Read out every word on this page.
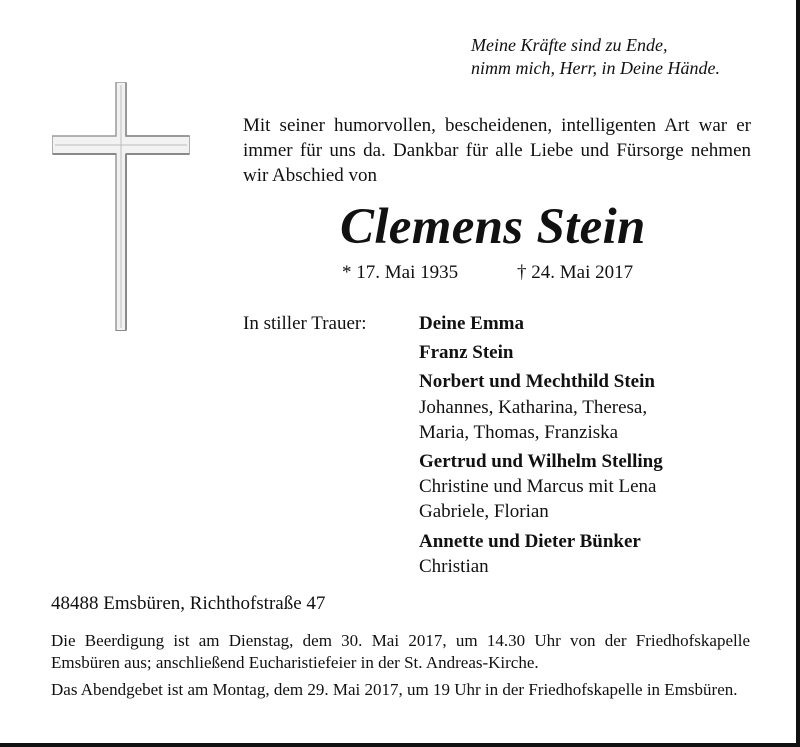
Meine Kräfte sind zu Ende,
nimm mich, Herr, in Deine Hände.
Mit seiner humorvollen, bescheidenen, intelligenten Art war er immer für uns da. Dankbar für alle Liebe und Fürsorge nehmen wir Abschied von
Clemens Stein
* 17. Mai 1935	† 24. Mai 2017
In stiller Trauer:	Deine Emma
Franz Stein
Norbert und Mechthild Stein
Johannes, Katharina, Theresa,
Maria, Thomas, Franziska
Gertrud und Wilhelm Stelling
Christine und Marcus mit Lena
Gabriele, Florian
Annette und Dieter Bünker
Christian
48488 Emsbüren, Richthofstraße 47
Die Beerdigung ist am Dienstag, dem 30. Mai 2017, um 14.30 Uhr von der Friedhofskapelle Emsbüren aus; anschließend Eucharistiefeier in der St. Andreas-Kirche.
Das Abendgebet ist am Montag, dem 29. Mai 2017, um 19 Uhr in der Friedhofskapelle in Emsbüren.
